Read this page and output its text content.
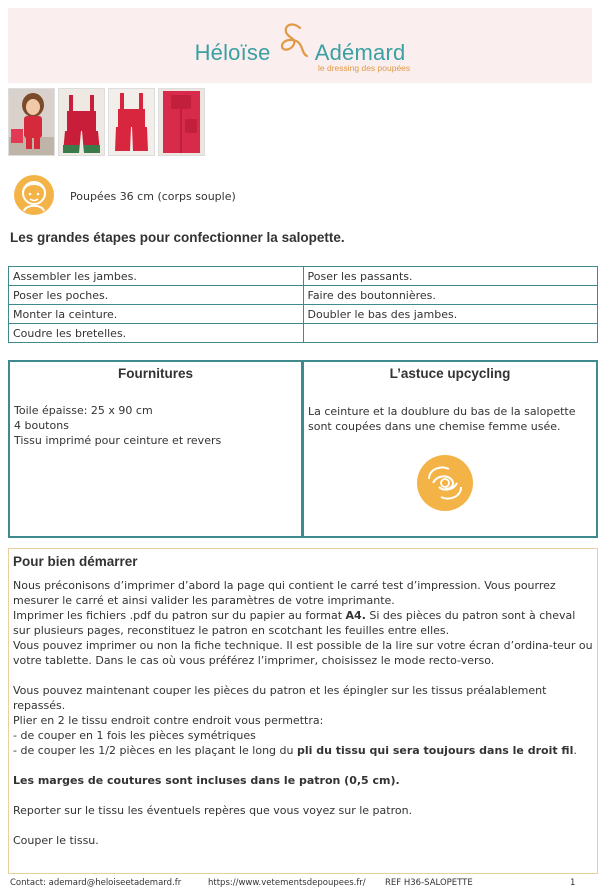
Héloïse Adémard
le dressing des poupées
Poupées 36 cm (corps souple)
Les grandes étapes pour confectionner la salopette.
Assembler les jambes.	Poser les passants.
Poser les poches.	Faire des boutonnières.
Monter la ceinture.	Doubler le bas des jambes.
Coudre les bretelles.	
Fournitures
Toile épaisse: 25 x 90 cm
4 boutons
Tissu imprimé pour ceinture et revers
L’astuce upcycling
La ceinture et la doublure du bas de la salopette sont coupées dans une chemise femme usée.
Pour bien démarrer

Nous préconisons d’imprimer d’abord la page qui contient le carré test d’impression. Vous pourrez mesurer le carré et ainsi valider les paramètres de votre imprimante.

Imprimer les fichiers .pdf du patron sur du papier au format A4. Si des pièces du patron sont à cheval sur plusieurs pages, reconstituez le patron en scotchant les feuilles entre elles.

Vous pouvez imprimer ou non la fiche technique. Il est possible de la lire sur votre écran d’ordina-teur ou votre tablette. Dans le cas où vous préférez l’imprimer, choisissez le mode recto-verso.

Vous pouvez maintenant couper les pièces du patron et les épingler sur les tissus préalablement repassés.

Plier en 2 le tissu endroit contre endroit vous permettra:

- de couper en 1 fois les pièces symétriques

- de couper les 1/2 pièces en les plaçant le long du pli du tissu qui sera toujours dans le droit fil.

Les marges de coutures sont incluses dans le patron (0,5 cm).

Reporter sur le tissu les éventuels repères que vous voyez sur le patron.

Couper le tissu.

Contact: ademard@heloiseetademard.fr	https://www.vetementsdepoupees.fr/ REF H36-SALOPETTE	1
